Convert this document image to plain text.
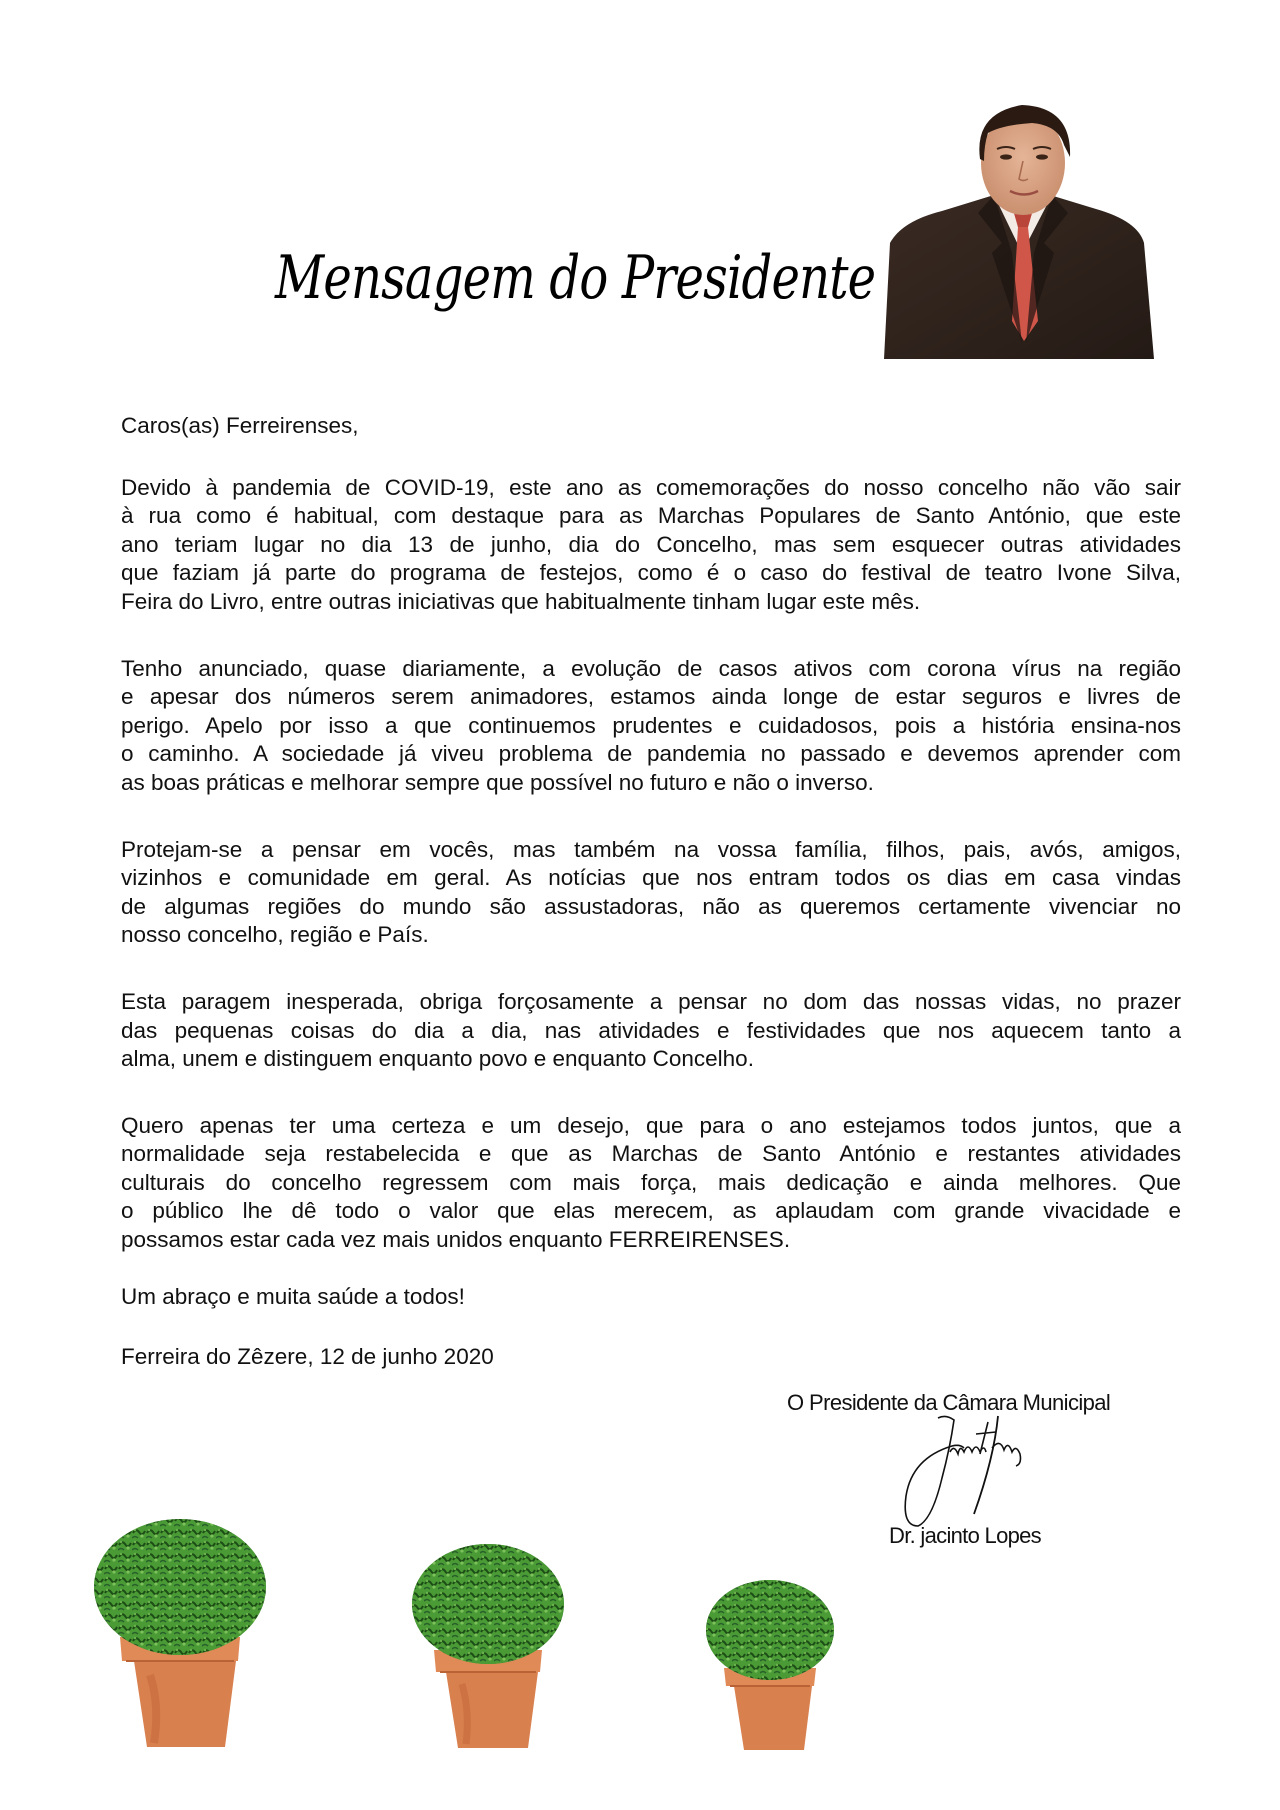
Mensagem do Presidente
Caros(as) Ferreirenses,
Devido à pandemia de COVID-19, este ano as comemorações do nosso concelho não vão sair
à rua como é habitual, com destaque para as Marchas Populares de Santo António, que este
ano teriam lugar no dia 13 de junho, dia do Concelho, mas sem esquecer outras atividades
que faziam já parte do programa de festejos, como é o caso do festival de teatro Ivone Silva,
Feira do Livro, entre outras iniciativas que habitualmente tinham lugar este mês.
Tenho anunciado, quase diariamente, a evolução de casos ativos com corona vírus na região
e apesar dos números serem animadores, estamos ainda longe de estar seguros e livres de
perigo. Apelo por isso a que continuemos prudentes e cuidadosos, pois a história ensina-nos
o caminho. A sociedade já viveu problema de pandemia no passado e devemos aprender com
as boas práticas e melhorar sempre que possível no futuro e não o inverso.
Protejam-se a pensar em vocês, mas também na vossa família, filhos, pais, avós, amigos,
vizinhos e comunidade em geral. As notícias que nos entram todos os dias em casa vindas
de algumas regiões do mundo são assustadoras, não as queremos certamente vivenciar no
nosso concelho, região e País.
Esta paragem inesperada, obriga forçosamente a pensar no dom das nossas vidas, no prazer
das pequenas coisas do dia a dia, nas atividades e festividades que nos aquecem tanto a
alma, unem e distinguem enquanto povo e enquanto Concelho.
Quero apenas ter uma certeza e um desejo, que para o ano estejamos todos juntos, que a
normalidade seja restabelecida e que as Marchas de Santo António e restantes atividades
culturais do concelho regressem com mais força, mais dedicação e ainda melhores. Que
o público lhe dê todo o valor que elas merecem, as aplaudam com grande vivacidade e
possamos estar cada vez mais unidos enquanto FERREIRENSES.
Um abraço e muita saúde a todos!
Ferreira do Zêzere, 12 de junho 2020
O Presidente da Câmara Municipal
Dr. jacinto Lopes
